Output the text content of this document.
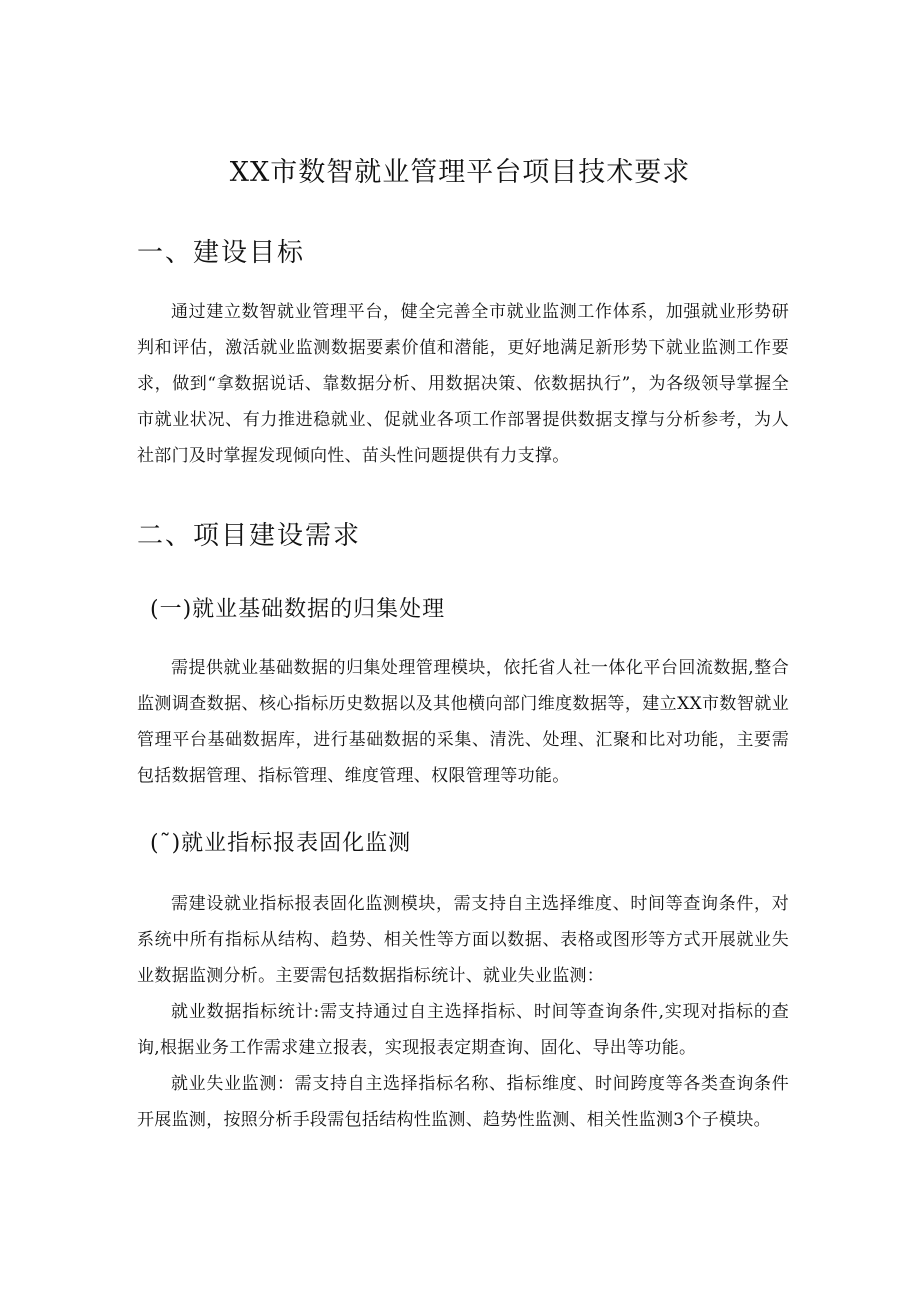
XX市数智就业管理平台项目技术要求
一、建设目标
通过建立数智就业管理平台，健全完善全市就业监测工作体系，加强就业形势研判和评估，激活就业监测数据要素价值和潜能，更好地满足新形势下就业监测工作要求，做到“拿数据说话、靠数据分析、用数据决策、依数据执行”，为各级领导掌握全市就业状况、有力推进稳就业、促就业各项工作部署提供数据支撑与分析参考，为人社部门及时掌握发现倾向性、苗头性问题提供有力支撑。
二、项目建设需求
(一)就业基础数据的归集处理
需提供就业基础数据的归集处理管理模块，依托省人社一体化平台回流数据,整合监测调查数据、核心指标历史数据以及其他横向部门维度数据等，建立XX市数智就业管理平台基础数据库，进行基础数据的采集、清洗、处理、汇聚和比对功能，主要需包括数据管理、指标管理、维度管理、权限管理等功能。
(˜)就业指标报表固化监测
需建设就业指标报表固化监测模块，需支持自主选择维度、时间等查询条件，对系统中所有指标从结构、趋势、相关性等方面以数据、表格或图形等方式开展就业失业数据监测分析。主要需包括数据指标统计、就业失业监测：
就业数据指标统计:需支持通过自主选择指标、时间等查询条件,实现对指标的查询,根据业务工作需求建立报表，实现报表定期查询、固化、导出等功能。
就业失业监测：需支持自主选择指标名称、指标维度、时间跨度等各类查询条件开展监测，按照分析手段需包括结构性监测、趋势性监测、相关性监测3个子模块。
